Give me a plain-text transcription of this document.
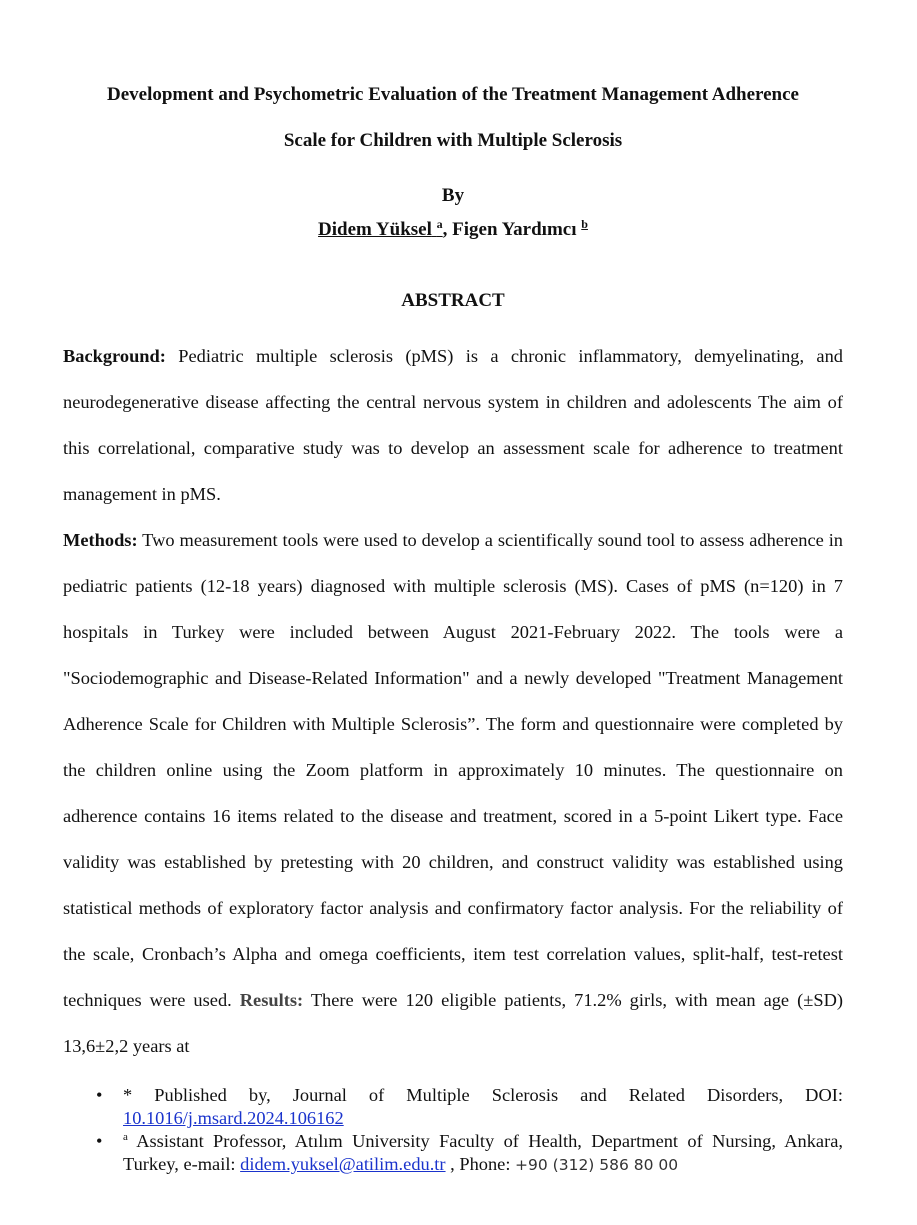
Development and Psychometric Evaluation of the Treatment Management Adherence
Scale for Children with Multiple Sclerosis
By
Didem Yüksel $^a$, Figen Yardımcı $^b$
ABSTRACT

Background: Pediatric multiple sclerosis (pMS) is a chronic inflammatory, demyelinating, and neurodegenerative disease affecting the central nervous system in children and adolescents The aim of this correlational, comparative study was to develop an assessment scale for adherence to treatment management in pMS.

Methods: Two measurement tools were used to develop a scientifically sound tool to assess adherence in pediatric patients (12-18 years) diagnosed with multiple sclerosis (MS). Cases of pMS (n=120) in 7 hospitals in Turkey were included between August 2021-February 2022. The tools were a "Sociodemographic and Disease-Related Information" and a newly developed "Treatment Management Adherence Scale for Children with Multiple Sclerosis”. The form and questionnaire were completed by the children online using the Zoom platform in approximately 10 minutes. The questionnaire on adherence contains 16 items related to the disease and treatment, scored in a 5-point Likert type. Face validity was established by pretesting with 20 children, and construct validity was established using statistical methods of exploratory factor analysis and confirmatory factor analysis. For the reliability of the scale, Cronbach’s Alpha and omega coefficients, item test correlation values, split-half, test-retest techniques were used. Results: There were 120 eligible patients, 71.2% girls, with mean age (±SD) 13,6±2,2 years at

• * Published by, Journal of Multiple Sclerosis and Related Disorders, DOI: 10.1016/j.msard.2024.106162
• $^a$ Assistant Professor, Atılım University Faculty of Health, Department of Nursing, Ankara, Turkey, e-mail: didem.yuksel@atilim.edu.tr , Phone: +90 (312) 586 80 00
